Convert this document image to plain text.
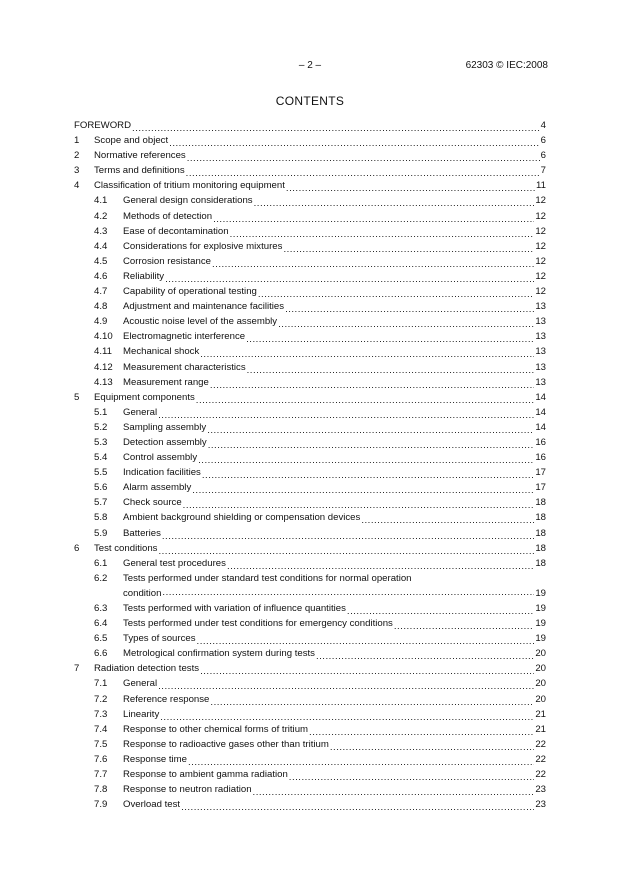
– 2 –	62303 © IEC:2008
CONTENTS
FOREWORD .....	4
1	Scope and object .....	6
2	Normative references .....	6
3	Terms and definitions .....	7
4	Classification of tritium monitoring equipment .....	11
4.1	General design considerations .....	12
4.2	Methods of detection .....	12
4.3	Ease of decontamination .....	12
4.4	Considerations for explosive mixtures .....	12
4.5	Corrosion resistance .....	12
4.6	Reliability .....	12
4.7	Capability of operational testing .....	12
4.8	Adjustment and maintenance facilities .....	13
4.9	Acoustic noise level of the assembly .....	13
4.10	Electromagnetic interference .....	13
4.11	Mechanical shock .....	13
4.12	Measurement characteristics .....	13
4.13	Measurement range .....	13
5	Equipment components .....	14
5.1	General .....	14
5.2	Sampling assembly .....	14
5.3	Detection assembly .....	16
5.4	Control assembly .....	16
5.5	Indication facilities .....	17
5.6	Alarm assembly .....	17
5.7	Check source .....	18
5.8	Ambient background shielding or compensation devices .....	18
5.9	Batteries .....	18
6	Test conditions .....	18
6.1	General test procedures .....	18
6.2	Tests performed under standard test conditions for normal operation
condition .....	19
6.3	Tests performed with variation of influence quantities .....	19
6.4	Tests performed under test conditions for emergency conditions .....	19
6.5	Types of sources .....	19
6.6	Metrological confirmation system during tests .....	20
7	Radiation detection tests .....	20
7.1	General .....	20
7.2	Reference response .....	20
7.3	Linearity .....	21
7.4	Response to other chemical forms of tritium .....	21
7.5	Response to radioactive gases other than tritium .....	22
7.6	Response time .....	22
7.7	Response to ambient gamma radiation .....	22
7.8	Response to neutron radiation .....	23
7.9	Overload test .....	23
